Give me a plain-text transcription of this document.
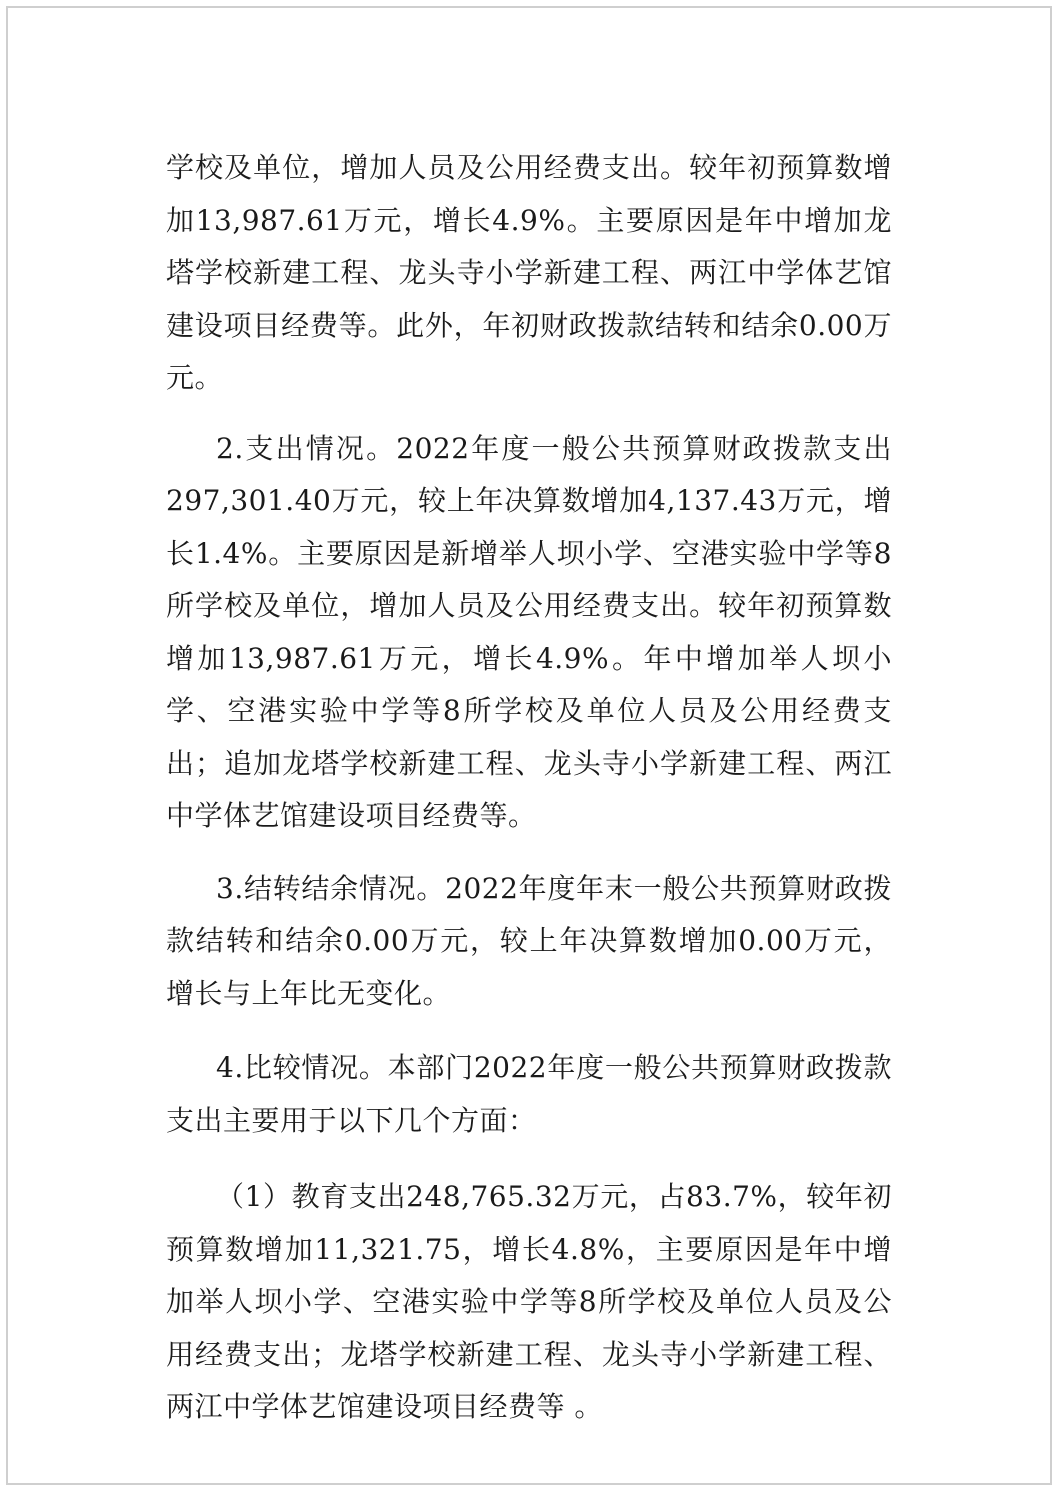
学校及单位，增加人员及公用经费支出。较年初预算数增加13,987.61万元，增长4.9%。主要原因是年中增加龙塔学校新建工程、龙头寺小学新建工程、两江中学体艺馆建设项目经费等。此外，年初财政拨款结转和结余0.00万元。

2.支出情况。2022年度一般公共预算财政拨款支出297,301.40万元，较上年决算数增加4,137.43万元，增长1.4%。主要原因是新增举人坝小学、空港实验中学等8所学校及单位，增加人员及公用经费支出。较年初预算数增加13,987.61万元，增长4.9%。年中增加举人坝小学、空港实验中学等8所学校及单位人员及公用经费支出；追加龙塔学校新建工程、龙头寺小学新建工程、两江中学体艺馆建设项目经费等。

3.结转结余情况。2022年度年末一般公共预算财政拨款结转和结余0.00万元，较上年决算数增加0.00万元，增长与上年比无变化。

4.比较情况。本部门2022年度一般公共预算财政拨款支出主要用于以下几个方面：

（1）教育支出248,765.32万元，占83.7%，较年初预算数增加11,321.75，增长4.8%，主要原因是年中增加举人坝小学、空港实验中学等8所学校及单位人员及公用经费支出；龙塔学校新建工程、龙头寺小学新建工程、两江中学体艺馆建设项目经费等 。
